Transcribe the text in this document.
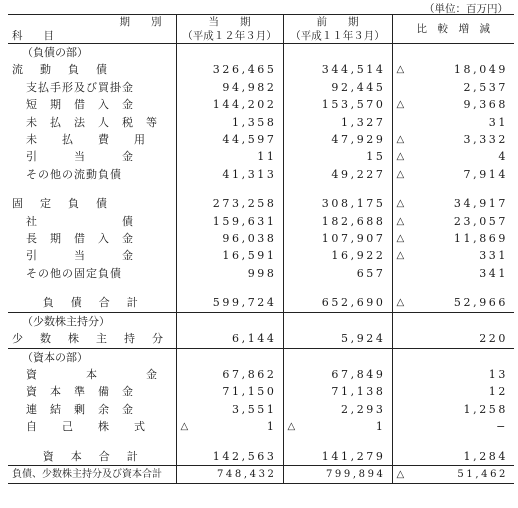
（単位：百万円）
期　　別	当　　期	前　　期	比　較　増　減
科　　目	（平成１２年３月）	（平成１１年３月）	
（負債の部）			
流　動　負　債	326,465	344,514	△ 18,049
支払手形及び買掛金	94,982	92,445	2,537
短　期　借　入　金	144,202	153,570	△ 9,368
未　払　法　人　税　等	1,358	1,327	31
未　　払　　費　　用	44,597	47,929	△ 3,332
引　　　当　　　金	11	15	△ 4
その他の流動負債	41,313	49,227	△ 7,914

固　定　負　債	273,258	308,175	△ 34,917
社　　　　　　　債	159,631	182,688	△ 23,057
長　期　借　入　金	96,038	107,907	△ 11,869
引　　　当　　　金	16,591	16,922	△ 331
その他の固定負債	998	657	341

負　債　合　計	599,724	652,690	△ 52,966
（少数株主持分）			
少　数　株　主　持　分	6,144	5,924	220
（資本の部）			
資　　　　本　　　　金	67,862	67,849	13
資　本　準　備　金	71,150	71,138	12
連　結　剰　余　金	3,551	2,293	1,258
自　　己　　株　　式	△ 1	△ 1	−

資　本　合　計	142,563	141,279	1,284
負債、少数株主持分及び資本合計	748,432	799,894	△ 51,462
